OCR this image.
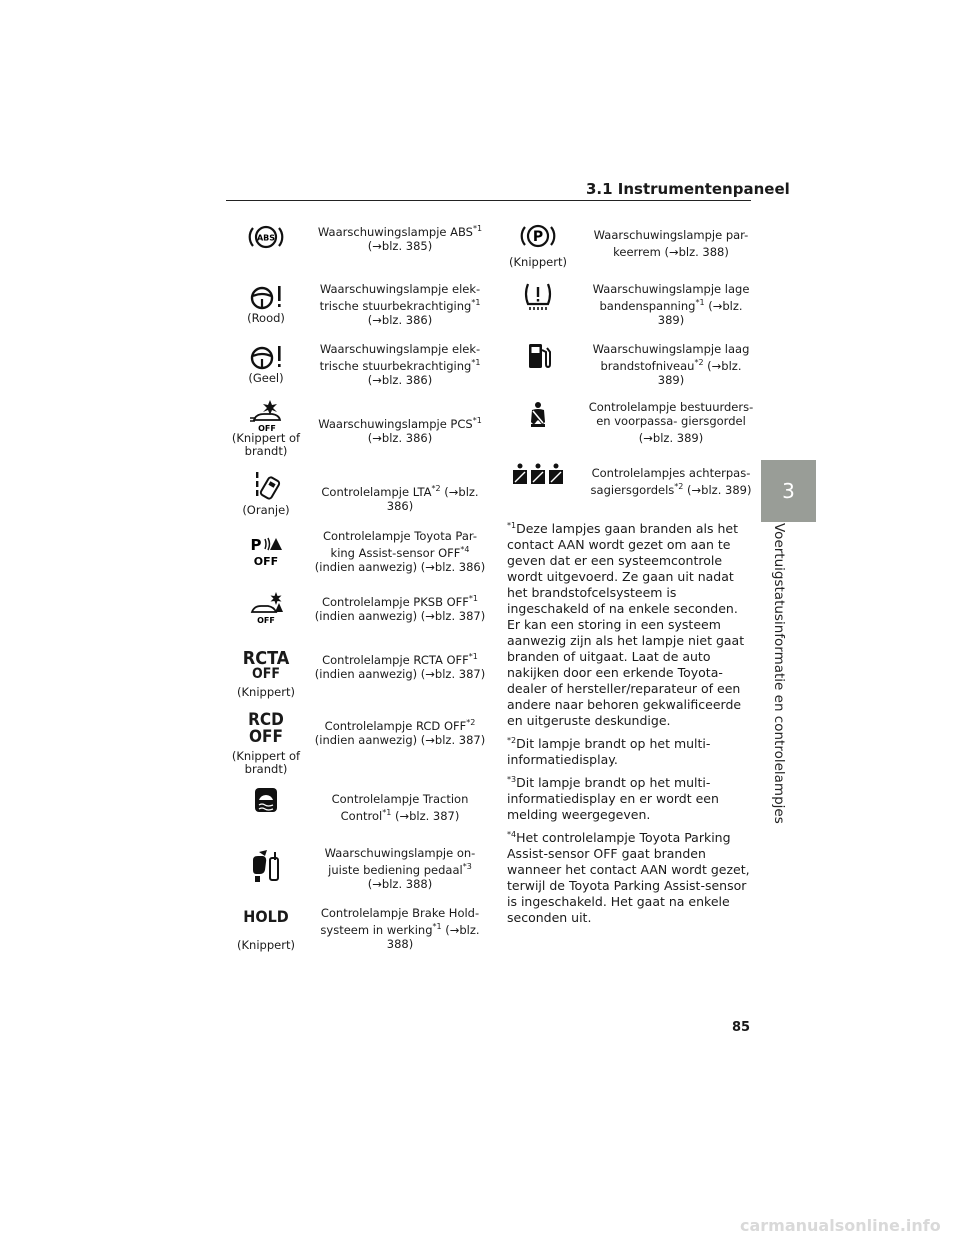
3.1 Instrumentenpaneel
ABS	Waarschuwingslampje ABS$^{*1}$ (→blz. 385)
(Rood)
Waarschuwingslampje elek- trische stuurbekrachtiging$^{*1}$ (→blz. 386)
(Geel)
Waarschuwingslampje elek- trische stuurbekrachtiging$^{*1}$ (→blz. 386)
OFF
(Knippert of brandt)
Waarschuwingslampje PCS$^{*1}$ (→blz. 386)
(Oranje)
Controlelampje LTA$^{*2}$ (→blz. 386)
P
OFF
Controlelampje Toyota Par- king Assist-sensor OFF$^{*4}$ (indien aanwezig) (→blz. 386)
OFF
Controlelampje PKSB OFF$^{*1}$ (indien aanwezig) (→blz. 387)
RCTA
OFF
(Knippert)
Controlelampje RCTA OFF$^{*1}$ (indien aanwezig) (→blz. 387)
RCD
OFF
(Knippert of brandt)
Controlelampje RCD OFF$^{*2}$ (indien aanwezig) (→blz. 387)
Controlelampje Traction Control$^{*1}$ (→blz. 387)
Waarschuwingslampje on- juiste bediening pedaal$^{*3}$ (→blz. 388)
HOLD
(Knippert)
Controlelampje Brake Hold- systeem in werking$^{*1}$ (→blz. 388)
P
(Knippert)
Waarschuwingslampje par- keerrem (→blz. 388)
Waarschuwingslampje lage bandenspanning$^{*1}$ (→blz. 389)
Waarschuwingslampje laag brandstofniveau$^{*2}$ (→blz. 389)
Controlelampje bestuurders- en voorpassa- giersgordel (→blz. 389)
Controlelampjes achterpas- sagiersgordels$^{*2}$ (→blz. 389)

$^{*1}$Deze lampjes gaan branden als het contact AAN wordt gezet om aan te geven dat er een systeemcontrole wordt uitgevoerd. Ze gaan uit nadat het brandstofcelsysteem is ingeschakeld of na enkele seconden. Er kan een storing in een systeem aanwezig zijn als het lampje niet gaat branden of uitgaat. Laat de auto nakijken door een erkende Toyota-dealer of hersteller/reparateur of een andere naar behoren gekwalificeerde en uitgeruste deskundige.

$^{*2}$Dit lampje brandt op het multi-informatiedisplay.

$^{*3}$Dit lampje brandt op het multi-informatiedisplay en er wordt een melding weergegeven.

$^{*4}$Het controlelampje Toyota Parking Assist-sensor OFF gaat branden wanneer het contact AAN wordt gezet, terwijl de Toyota Parking Assist-sensor is ingeschakeld. Het gaat na enkele seconden uit.

3
Voertuigstatusinformatie en controlelampjes
85
carmanualsonline.info
